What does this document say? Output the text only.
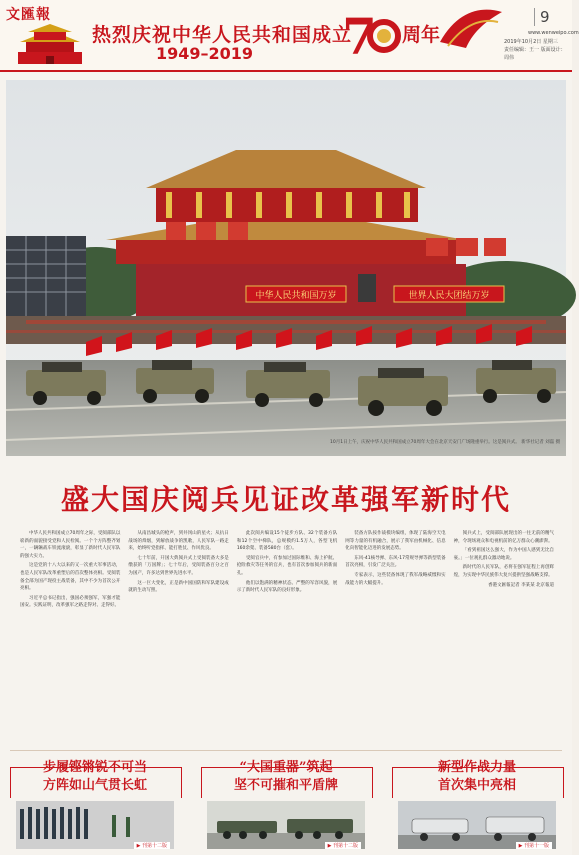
文匯報
热烈庆祝中华人民共和国成立
1949–2019 7 周年
9
www.wenweipo.com
2019年10月2日 星期三
责任编辑：王一 版面设计：周伟
中华人民共和国万岁	世界人民大团结万岁
10月1日上午，庆祝中华人民共和国成立70周年大会在北京天安门广场隆重举行。这是阅兵式。 新华社记者 刘磊 摄
盛大国庆阅兵见证改革强军新时代

中华人民共和国成立70周年之际，受阅部队以崭新的面貌接受党和人民检阅。一个个方阵整齐划一，一辆辆战车铁流滚滚，彰显了新时代人民军队的强大实力。

这是党的十八大以来的又一次重大军事活动，也是人民军队改革重塑后的首次整体亮相。受阅装备全部为国产现役主战装备，其中不少为首次公开亮相。

习近平总书记指出，强国必须强军，军强才能国安。实践证明，改革强军之路走得对、走得好。

从南昌城头的枪声，到井冈山的星火；从抗日战场的烽烟，到解放战争的凯歌，人民军队一路走来，始终听党指挥、能打胜仗、作风优良。

七十年前，开国大典阅兵式上受阅装备大多是缴获的「万国牌」；七十年后，受阅装备百分之百为国产，许多达到世界先进水平。

这一巨大变化，正是新中国国防和军队建设成就的生动写照。

此次阅兵编设15个徒步方队、32个装备方队和12个空中梯队，总规模约1.5万人，各型飞机160余架、装备580台（套）。

受阅官兵中，有参加过国际维和、海上护航、抢险救灾等任务的官兵，也有首次参加阅兵的新面孔。

他们以饱满的精神状态、严整的军容风貌，展示了新时代人民军队的良好形象。

装备方队按作战模块编组，体现了陆海空天电网等力量的有机融合，展示了我军由机械化、信息化向智能化迈进的发展态势。

东风-41核导弹、东风-17常规导弹等新型装备首次亮相，引发广泛关注。

专家表示，这些装备体现了我军战略威慑和实战能力的大幅提升。

阅兵式上，受阅部队展现出的一往无前的精气神，令现场观众和电视机前的亿万群众心潮澎湃。

「看到祖国这么强大，作为中国人感到无比自豪。」一位观礼群众激动地说。

新时代的人民军队，必将在强军征程上再创辉煌，为实现中华民族伟大复兴提供坚强战略支撑。

香港文匯報記者 李某某 北京報道
步履铿锵锐不可当
方阵如山气贯长虹
▶ 刊第十二版
“大国重器”筑起
坚不可摧和平盾牌
▶ 刊第十二版
新型作战力量
首次集中亮相
▶ 刊第十一版
